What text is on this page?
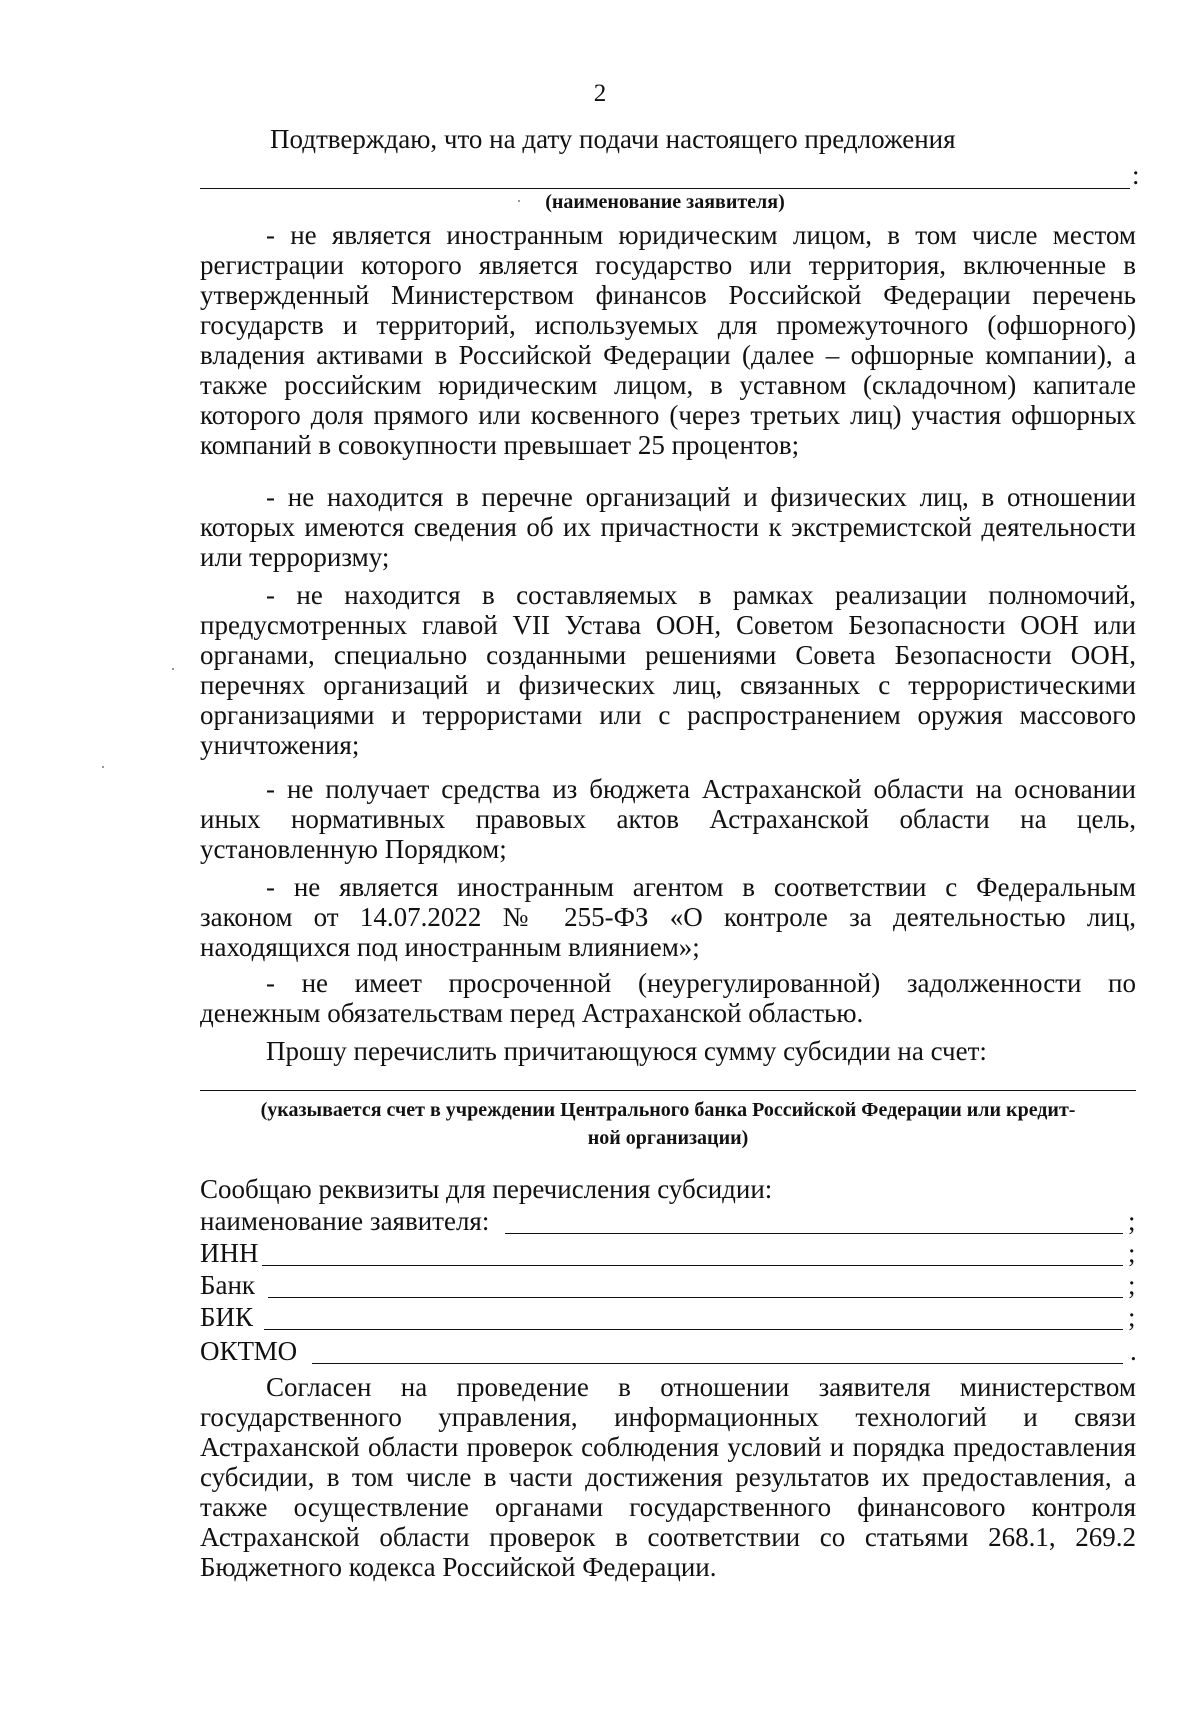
2
Подтверждаю, что на дату подачи настоящего предложения
:
(наименование заявителя)
- не является иностранным юридическим лицом, в том числе местом регистрации которого является государство или территория, включенные в утвержденный Министерством финансов Российской Федерации перечень государств и территорий, используемых для промежуточного (офшорного) владения активами в Российской Федерации (далее – офшорные компании), а также российским юридическим лицом, в уставном (складочном) капитале которого доля прямого или косвенного (через третьих лиц) участия офшорных компаний в совокупности превышает 25 процентов;
- не находится в перечне организаций и физических лиц, в отношении которых имеются сведения об их причастности к экстремистской деятельности или терроризму;
- не находится в составляемых в рамках реализации полномочий, предусмотренных главой VII Устава ООН, Советом Безопасности ООН или органами, специально созданными решениями Совета Безопасности ООН, перечнях организаций и физических лиц, связанных с террористическими организациями и террористами или с распространением оружия массового уничтожения;
- не получает средства из бюджета Астраханской области на основании иных нормативных правовых актов Астраханской области на цель, установленную Порядком;
- не является иностранным агентом в соответствии с Федеральным законом от 14.07.2022 № 255-ФЗ «О контроле за деятельностью лиц, находящихся под иностранным влиянием»;
- не имеет просроченной (неурегулированной) задолженности по денежным обязательствам перед Астраханской областью.
Прошу перечислить причитающуюся сумму субсидии на счет:
(указывается счет в учреждении Центрального банка Российской Федерации или кредит-
ной организации)
Сообщаю реквизиты для перечисления субсидии:
наименование заявителя:	;
ИНН	;
Банк	;
БИК	;
ОКТМО	.
Согласен на проведение в отношении заявителя министерством государственного управления, информационных технологий и связи Астраханской области проверок соблюдения условий и порядка предоставления субсидии, в том числе в части достижения результатов их предоставления, а также осуществление органами государственного финансового контроля Астраханской области проверок в соответствии со статьями 268.1, 269.2 Бюджетного кодекса Российской Федерации.
